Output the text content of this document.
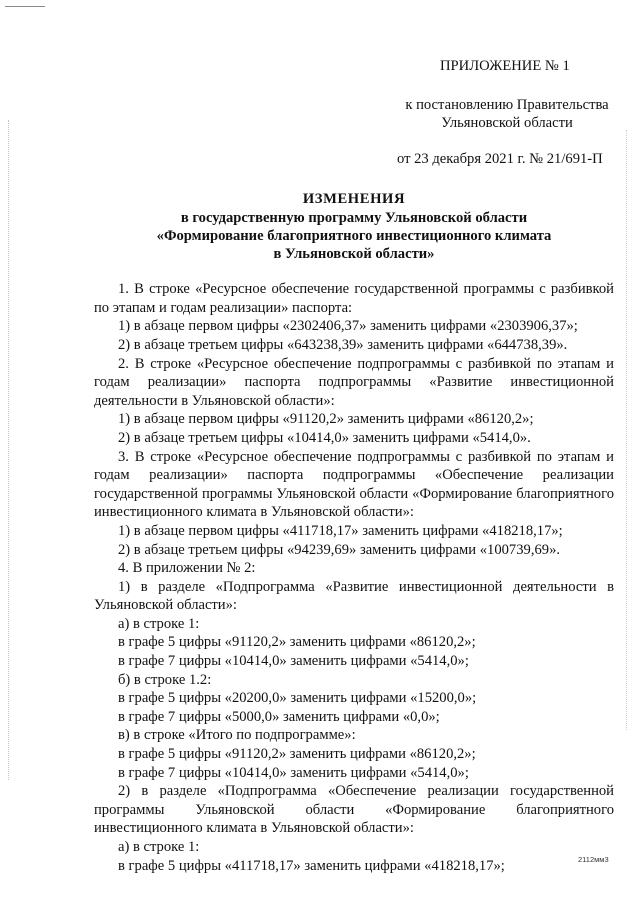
ПРИЛОЖЕНИЕ № 1
к постановлению Правительства
Ульяновской области
от 23 декабря 2021 г. № 21/691-П
ИЗМЕНЕНИЯ
в государственную программу Ульяновской области
«Формирование благоприятного инвестиционного климата
в Ульяновской области»
1. В строке «Ресурсное обеспечение государственной программы с разбивкой по этапам и годам реализации» паспорта:
1) в абзаце первом цифры «2302406,37» заменить цифрами «2303906,37»;
2) в абзаце третьем цифры «643238,39» заменить цифрами «644738,39».
2. В строке «Ресурсное обеспечение подпрограммы с разбивкой по этапам и годам реализации» паспорта подпрограммы «Развитие инвестиционной деятельности в Ульяновской области»:
1) в абзаце первом цифры «91120,2» заменить цифрами «86120,2»;
2) в абзаце третьем цифры «10414,0» заменить цифрами «5414,0».
3. В строке «Ресурсное обеспечение подпрограммы с разбивкой по этапам и годам реализации» паспорта подпрограммы «Обеспечение реализации государственной программы Ульяновской области «Формирование благоприятного инвестиционного климата в Ульяновской области»:
1) в абзаце первом цифры «411718,17» заменить цифрами «418218,17»;
2) в абзаце третьем цифры «94239,69» заменить цифрами «100739,69».
4. В приложении № 2:
1) в разделе «Подпрограмма «Развитие инвестиционной деятельности в Ульяновской области»:
а) в строке 1:
в графе 5 цифры «91120,2» заменить цифрами «86120,2»;
в графе 7 цифры «10414,0» заменить цифрами «5414,0»;
б) в строке 1.2:
в графе 5 цифры «20200,0» заменить цифрами «15200,0»;
в графе 7 цифры «5000,0» заменить цифрами «0,0»;
в) в строке «Итого по подпрограмме»:
в графе 5 цифры «91120,2» заменить цифрами «86120,2»;
в графе 7 цифры «10414,0» заменить цифрами «5414,0»;
2) в разделе «Подпрограмма «Обеспечение реализации государственной программы Ульяновской области «Формирование благоприятного инвестиционного климата в Ульяновской области»:
а) в строке 1:
в графе 5 цифры «411718,17» заменить цифрами «418218,17»;	2112мм3
